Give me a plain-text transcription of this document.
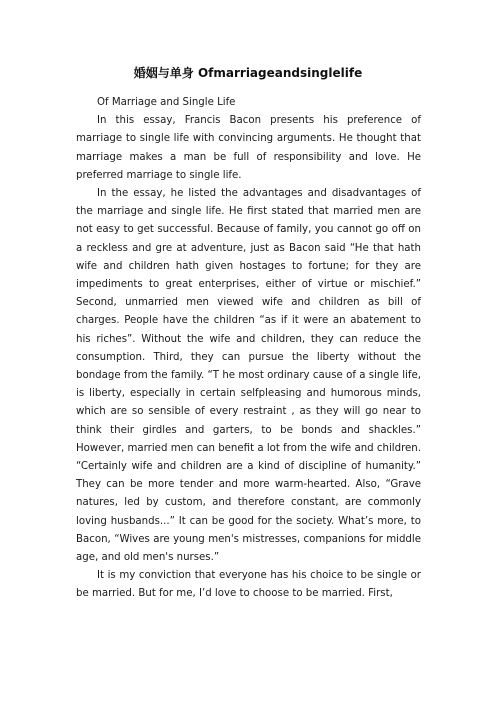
婚姻与单身 Ofmarriageandsinglelife

Of Marriage and Single Life

In this essay, Francis Bacon presents his preference of marriage to single life with convincing arguments. He thought that marriage makes a man be full of responsibility and love. He preferred marriage to single life.

In the essay, he listed the advantages and disadvantages of the marriage and single life. He first stated that married men are not easy to get successful. Because of family, you cannot go off on a reckless and gre at adventure, just as Bacon said “He that hath wife and children hath given hostages to fortune; for they are impediments to great enterprises, either of virtue or mischief.” Second, unmarried men viewed wife and children as bill of charges. People have the children “as if it were an abatement to his riches”. Without the wife and children, they can reduce the consumption. Third, they can pursue the liberty without the bondage from the family. “T he most ordinary cause of a single life, is liberty, especially in certain selfpleasing and humorous minds, which are so sensible of every restraint , as they will go near to think their girdles and garters, to be bonds and shackles.” However, married men can benefit a lot from the wife and children. “Certainly wife and children are a kind of discipline of humanity.” They can be more tender and more warm-hearted. Also, “Grave natures, led by custom, and therefore constant, are commonly loving husbands...” It can be good for the society. What’s more, to Bacon, “Wives are young men's mistresses, companions for middle age, and old men's nurses.”

It is my conviction that everyone has his choice to be single or be married. But for me, I’d love to choose to be married. First,
